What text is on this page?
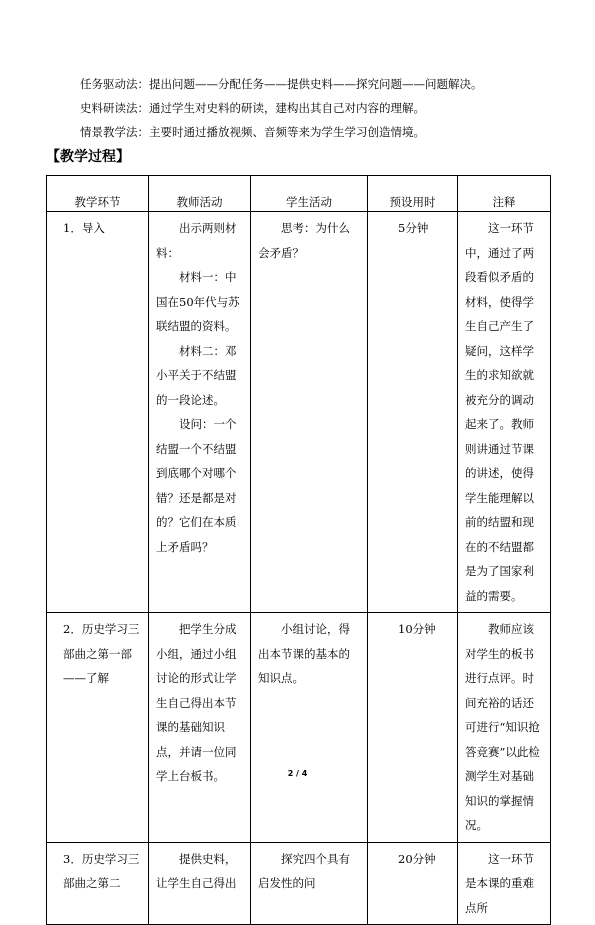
任务驱动法：提出问题——分配任务——提供史料——探究问题——问题解决。
史料研读法：通过学生对史料的研读，建构出其自己对内容的理解。
情景教学法：主要时通过播放视频、音频等来为学生学习创造情境。
【教学过程】

教学环节	教师活动	学生活动	预设用时	注释

1．导入	出示两则材料：

材料一：中国在50年代与苏联结盟的资料。

材料二：邓小平关于不结盟的一段论述。

设问：一个结盟一个不结盟到底哪个对哪个错？还是都是对的？它们在本质上矛盾吗？	思考：为什么会矛盾？	5分钟	这一环节中，通过了两段看似矛盾的材料，使得学生自己产生了疑问，这样学生的求知欲就被充分的调动起来了。教师则讲通过节课的讲述，使得学生能理解以前的结盟和现在的不结盟都是为了国家利益的需要。

2．历史学习三部曲之第一部——了解	把学生分成小组，通过小组讨论的形式让学生自己得出本节课的基础知识点，并请一位同学上台板书。	小组讨论，得出本节课的基本的知识点。	10分钟	教师应该对学生的板书进行点评。时间充裕的话还可进行“知识抢答竞赛”以此检测学生对基础知识的掌握情况。

3．历史学习三部曲之第二	提供史料，让学生自己得出	探究四个具有启发性的问	20分钟	这一环节是本课的重难点所

2 / 4
